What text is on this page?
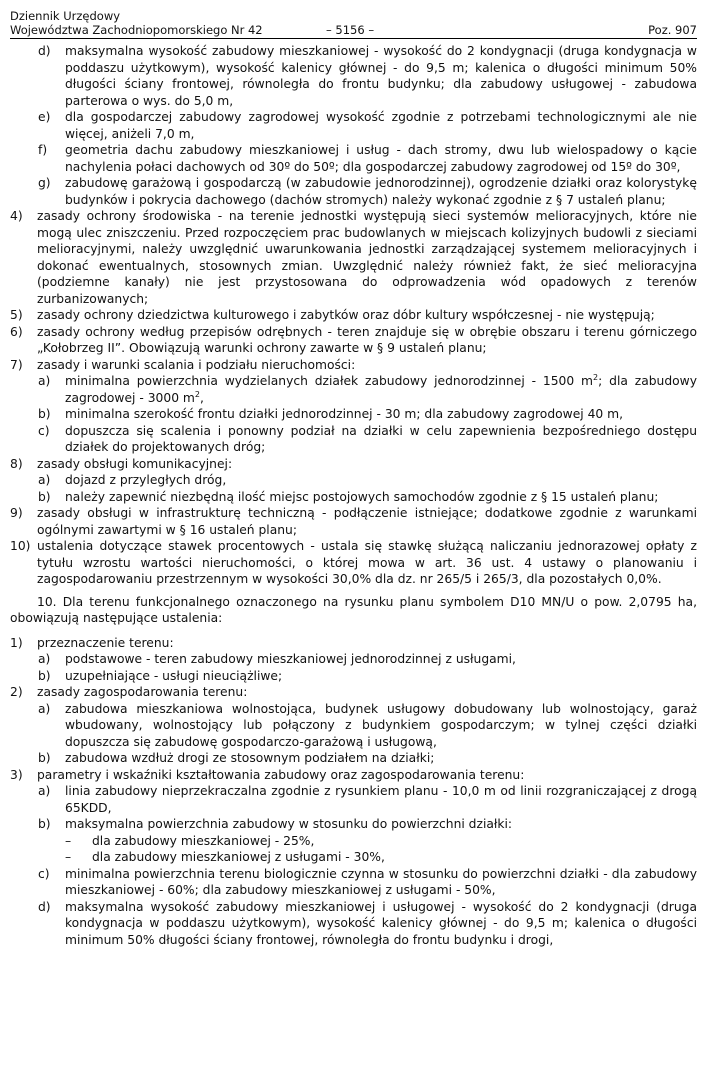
Dziennik Urzędowy
Województwa Zachodniopomorskiego Nr 42	– 5156 –	Poz. 907
d) maksymalna wysokość zabudowy mieszkaniowej - wysokość do 2 kondygnacji (druga kondygnacja w poddaszu użytkowym), wysokość kalenicy głównej - do 9,5 m; kalenica o długości minimum 50% długości ściany frontowej, równoległa do frontu budynku; dla zabudowy usługowej - zabudowa parterowa o wys. do 5,0 m,
e) dla gospodarczej zabudowy zagrodowej wysokość zgodnie z potrzebami technologicznymi ale nie więcej, aniżeli 7,0 m,
f) geometria dachu zabudowy mieszkaniowej i usług - dach stromy, dwu lub wielospadowy o kącie nachylenia połaci dachowych od 30º do 50º; dla gospodarczej zabudowy zagrodowej od 15º do 30º,
g) zabudowę garażową i gospodarczą (w zabudowie jednorodzinnej), ogrodzenie działki oraz kolorystykę budynków i pokrycia dachowego (dachów stromych) należy wykonać zgodnie z § 7 ustaleń planu;
4) zasady ochrony środowiska - na terenie jednostki występują sieci systemów melioracyjnych, które nie mogą ulec zniszczeniu. Przed rozpoczęciem prac budowlanych w miejscach kolizyjnych budowli z sieciami melioracyjnymi, należy uwzględnić uwarunkowania jednostki zarządzającej systemem melioracyjnych i dokonać ewentualnych, stosownych zmian. Uwzględnić należy również fakt, że sieć melioracyjna (podziemne kanały) nie jest przystosowana do odprowadzenia wód opadowych z terenów zurbanizowanych;
5) zasady ochrony dziedzictwa kulturowego i zabytków oraz dóbr kultury współczesnej - nie występują;
6) zasady ochrony według przepisów odrębnych - teren znajduje się w obrębie obszaru i terenu górniczego „Kołobrzeg II”. Obowiązują warunki ochrony zawarte w § 9 ustaleń planu;
7) zasady i warunki scalania i podziału nieruchomości:
a) minimalna powierzchnia wydzielanych działek zabudowy jednorodzinnej - 1500 $m^2$; dla zabudowy zagrodowej - 3000 $m^2$,
b) minimalna szerokość frontu działki jednorodzinnej - 30 m; dla zabudowy zagrodowej 40 m,
c) dopuszcza się scalenia i ponowny podział na działki w celu zapewnienia bezpośredniego dostępu działek do projektowanych dróg;
8) zasady obsługi komunikacyjnej:
a) dojazd z przyległych dróg,
b) należy zapewnić niezbędną ilość miejsc postojowych samochodów zgodnie z § 15 ustaleń planu;
9) zasady obsługi w infrastrukturę techniczną - podłączenie istniejące; dodatkowe zgodnie z warunkami ogólnymi zawartymi w § 16 ustaleń planu;
10) ustalenia dotyczące stawek procentowych - ustala się stawkę służącą naliczaniu jednorazowej opłaty z tytułu wzrostu wartości nieruchomości, o której mowa w art. 36 ust. 4 ustawy o planowaniu i zagospodarowaniu przestrzennym w wysokości 30,0% dla dz. nr 265/5 i 265/3, dla pozostałych 0,0%.
10. Dla terenu funkcjonalnego oznaczonego na rysunku planu symbolem D10 MN/U o pow. 2,0795 ha, obowiązują następujące ustalenia:
1) przeznaczenie terenu:
a) podstawowe - teren zabudowy mieszkaniowej jednorodzinnej z usługami,
b) uzupełniające - usługi nieuciążliwe;
2) zasady zagospodarowania terenu:
a) zabudowa mieszkaniowa wolnostojąca, budynek usługowy dobudowany lub wolnostojący, garaż wbudowany, wolnostojący lub połączony z budynkiem gospodarczym; w tylnej części działki dopuszcza się zabudowę gospodarczo-garażową i usługową,
b) zabudowa wzdłuż drogi ze stosownym podziałem na działki;
3) parametry i wskaźniki kształtowania zabudowy oraz zagospodarowania terenu:
a) linia zabudowy nieprzekraczalna zgodnie z rysunkiem planu - 10,0 m od linii rozgraniczającej z drogą 65KDD,
b) maksymalna powierzchnia zabudowy w stosunku do powierzchni działki:
– dla zabudowy mieszkaniowej - 25%,
– dla zabudowy mieszkaniowej z usługami - 30%,
c) minimalna powierzchnia terenu biologicznie czynna w stosunku do powierzchni działki - dla zabudowy mieszkaniowej - 60%; dla zabudowy mieszkaniowej z usługami - 50%,
d) maksymalna wysokość zabudowy mieszkaniowej i usługowej - wysokość do 2 kondygnacji (druga kondygnacja w poddaszu użytkowym), wysokość kalenicy głównej - do 9,5 m; kalenica o długości minimum 50% długości ściany frontowej, równoległa do frontu budynku i drogi,
